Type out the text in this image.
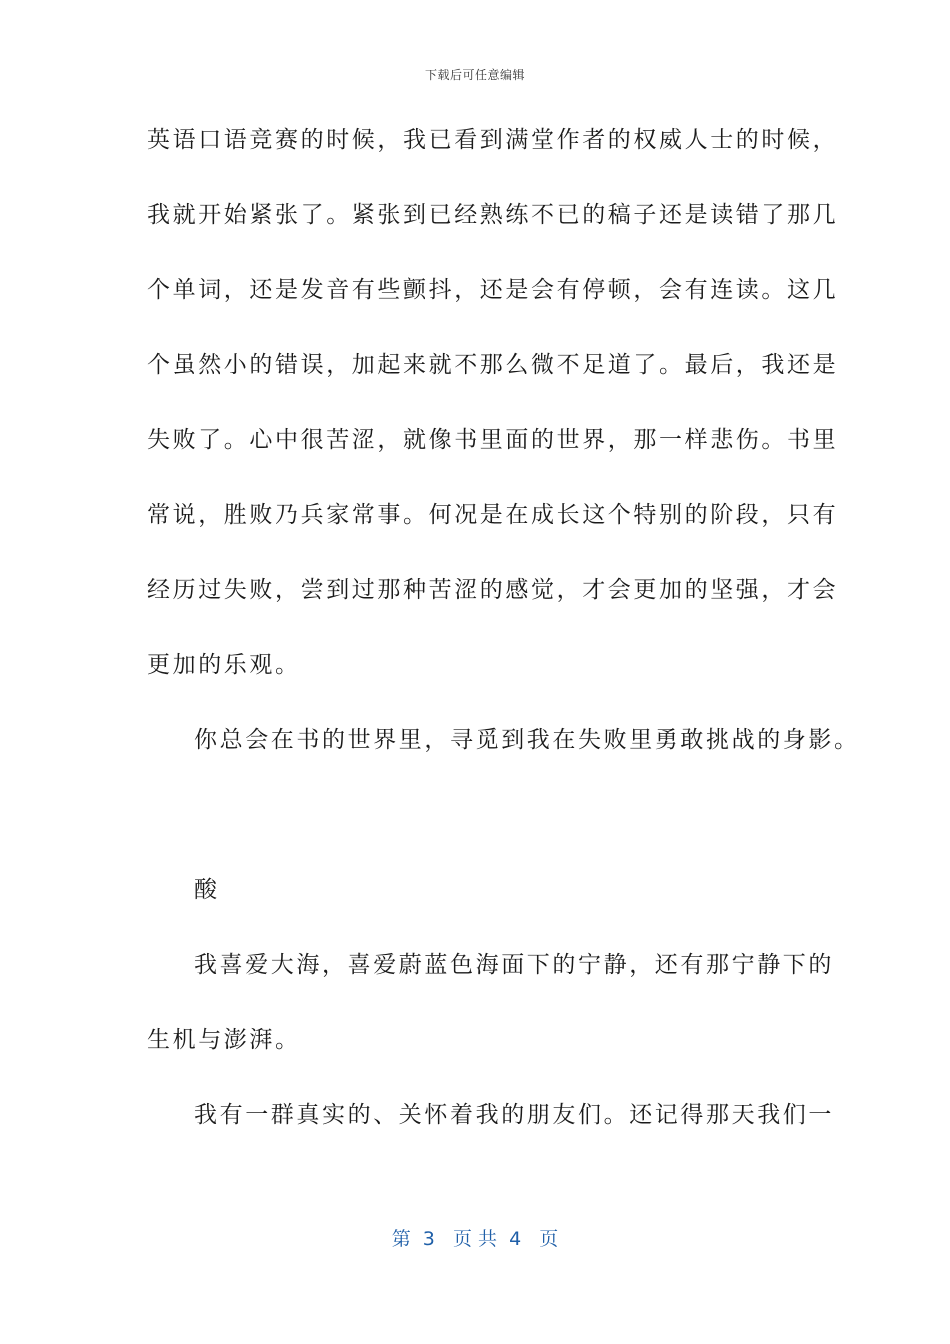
下载后可任意编辑
英语口语竞赛的时候，我已看到满堂作者的权威人士的时候，
我就开始紧张了。紧张到已经熟练不已的稿子还是读错了那几
个单词，还是发音有些颤抖，还是会有停顿，会有连读。这几
个虽然小的错误，加起来就不那么微不足道了。最后，我还是
失败了。心中很苦涩，就像书里面的世界，那一样悲伤。书里
常说，胜败乃兵家常事。何况是在成长这个特别的阶段，只有
经历过失败，尝到过那种苦涩的感觉，才会更加的坚强，才会
更加的乐观。
你总会在书的世界里，寻觅到我在失败里勇敢挑战的身影。
酸
我喜爱大海，喜爱蔚蓝色海面下的宁静，还有那宁静下的
生机与澎湃。
我有一群真实的、关怀着我的朋友们。还记得那天我们一
第  3   页 共  4   页
